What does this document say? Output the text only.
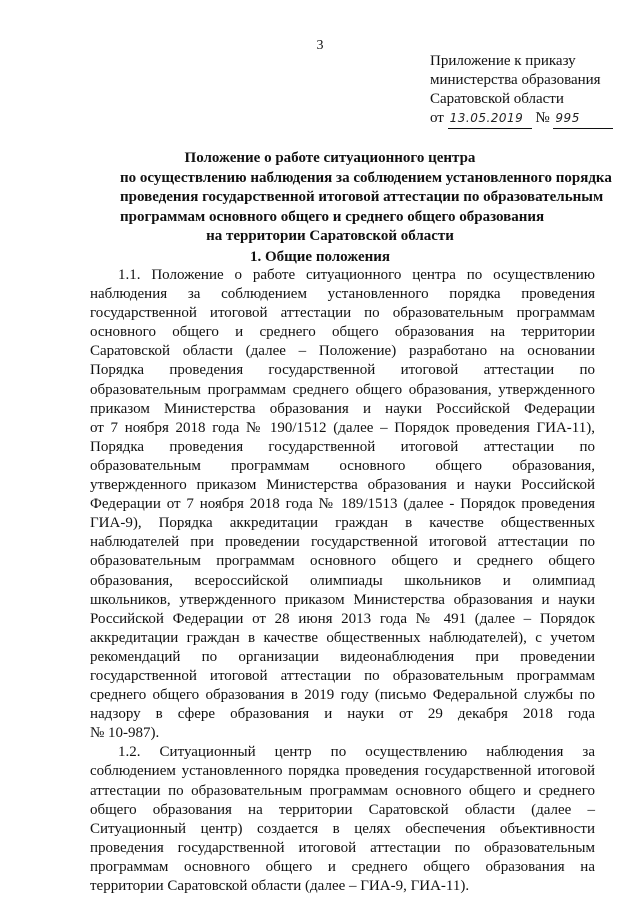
3
Приложение к приказу
министерства образования
Саратовской области
от 13.05.2019 № 995
Положение о работе ситуационного центра
по осуществлению наблюдения за соблюдением установленного порядка
проведения государственной итоговой аттестации по образовательным
программам основного общего и среднего общего образования
на территории Саратовской области
1. Общие положения
1.1. Положение о работе ситуационного центра по осуществлению
наблюдения за соблюдением установленного порядка проведения
государственной итоговой аттестации по образовательным программам
основного общего и среднего общего образования на территории
Саратовской области (далее – Положение) разработано на основании
Порядка проведения государственной итоговой аттестации по
образовательным программам среднего общего образования, утвержденного
приказом Министерства образования и науки Российской Федерации
от 7 ноября 2018 года № 190/1512 (далее – Порядок проведения ГИА-11),
Порядка проведения государственной итоговой аттестации по
образовательным программам основного общего образования,
утвержденного приказом Министерства образования и науки Российской
Федерации от 7 ноября 2018 года № 189/1513 (далее - Порядок проведения
ГИА-9), Порядка аккредитации граждан в качестве общественных
наблюдателей при проведении государственной итоговой аттестации по
образовательным программам основного общего и среднего общего
образования, всероссийской олимпиады школьников и олимпиад
школьников, утвержденного приказом Министерства образования и науки
Российской Федерации от 28 июня 2013 года № 491 (далее – Порядок
аккредитации граждан в качестве общественных наблюдателей), с учетом
рекомендаций по организации видеонаблюдения при проведении
государственной итоговой аттестации по образовательным программам
среднего общего образования в 2019 году (письмо Федеральной службы по
надзору в сфере образования и науки от 29 декабря 2018 года
№ 10-987).
1.2. Ситуационный центр по осуществлению наблюдения за
соблюдением установленного порядка проведения государственной итоговой
аттестации по образовательным программам основного общего и среднего
общего образования на территории Саратовской области (далее –
Ситуационный центр) создается в целях обеспечения объективности
проведения государственной итоговой аттестации по образовательным
программам основного общего и среднего общего образования на
территории Саратовской области (далее – ГИА-9, ГИА-11).
